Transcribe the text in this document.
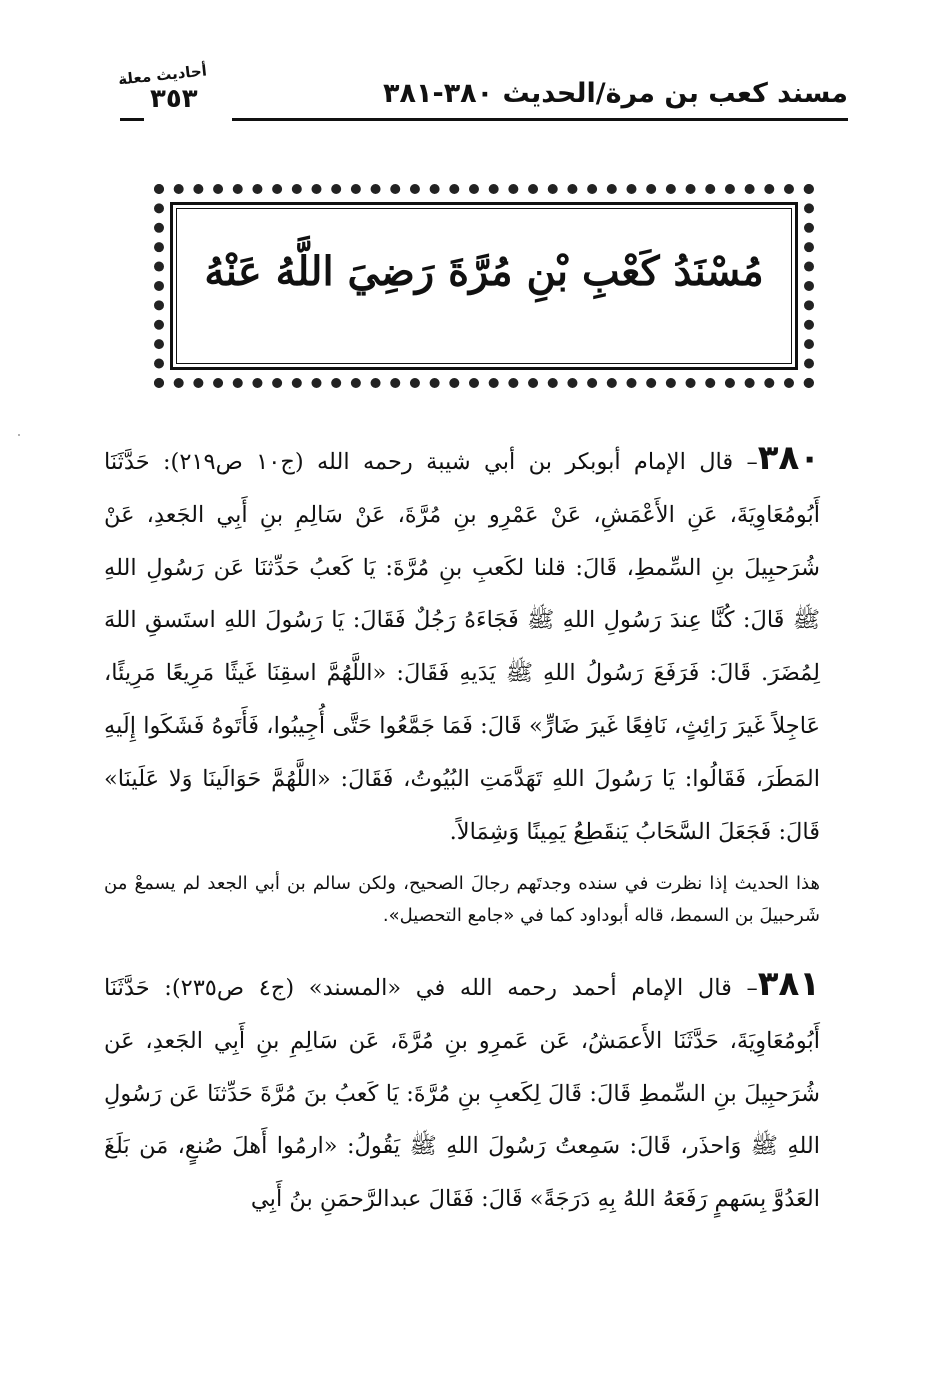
مسند كعب بن مرة/الحديث ٣٨٠-٣٨١
أحاديث معلة
٣٥٣
مُسْنَدُ كَعْبِ بْنِ مُرَّةَ رَضِيَ اللَّهُ عَنْهُ
٣٨٠– قال الإمام أبوبكر بن أبي شيبة رحمه الله (ج١٠ ص٢١٩): حَدَّثَنَا أَبُومُعَاوِيَةَ، عَنِ الأَعْمَشِ، عَنْ عَمْرِو بنِ مُرَّةَ، عَنْ سَالِمِ بنِ أَبِي الجَعدِ، عَنْ شُرَحبِيلَ بنِ السِّمطِ، قَالَ: قلنا لكَعبِ بنِ مُرَّةَ: يَا كَعبُ حَدِّثنَا عَن رَسُولِ اللهِ ﷺ قَالَ: كُنَّا عِندَ رَسُولِ اللهِ ﷺ فَجَاءَهُ رَجُلٌ فَقَالَ: يَا رَسُولَ اللهِ استَسقِ اللهَ لِمُضَرَ. قَالَ: فَرَفَعَ رَسُولُ اللهِ ﷺ يَدَيهِ فَقَالَ: «اللَّهُمَّ اسقِنَا غَيثًا مَرِيعًا مَرِيئًا، عَاجِلاً غَيرَ رَائِثٍ، نَافِعًا غَيرَ ضَارٍّ» قَالَ: فَمَا جَمَّعُوا حَتَّى أُجِيبُوا، فَأَتَوهُ فَشَكَوا إِلَيهِ المَطَرَ، فَقَالُوا: يَا رَسُولَ اللهِ تَهَدَّمَتِ البُيُوتُ، فَقَالَ: «اللَّهُمَّ حَوَالَينَا وَلا عَلَينَا» قَالَ: فَجَعَلَ السَّحَابُ يَنقَطِعُ يَمِينًا وَشِمَالاً.
هذا الحديث إذا نظرت في سنده وجدتَهم رجالَ الصحيح، ولكن سالم بن أبي الجعد لم يسمعْ من شَرحبيلَ بن السمط، قاله أبوداود كما في «جامع التحصيل».
٣٨١– قال الإمام أحمد رحمه الله في «المسند» (ج٤ ص٢٣٥): حَدَّثَنَا أَبُومُعَاوِيَةَ، حَدَّثَنَا الأَعمَشُ، عَن عَمرِو بنِ مُرَّةَ، عَن سَالِمِ بنِ أَبِي الجَعدِ، عَن شُرَحبِيلَ بنِ السِّمطِ قَالَ: قَالَ لِكَعبِ بنِ مُرَّةَ: يَا كَعبُ بنَ مُرَّةَ حَدِّثنَا عَن رَسُولِ اللهِ ﷺ وَاحذَر، قَالَ: سَمِعتُ رَسُولَ اللهِ ﷺ يَقُولُ: «ارمُوا أَهلَ صُنعٍ، مَن بَلَغَ العَدُوَّ بِسَهمٍ رَفَعَهُ اللهُ بِهِ دَرَجَةً» قَالَ: فَقَالَ عبدالرَّحمَنِ بنُ أَبِي
